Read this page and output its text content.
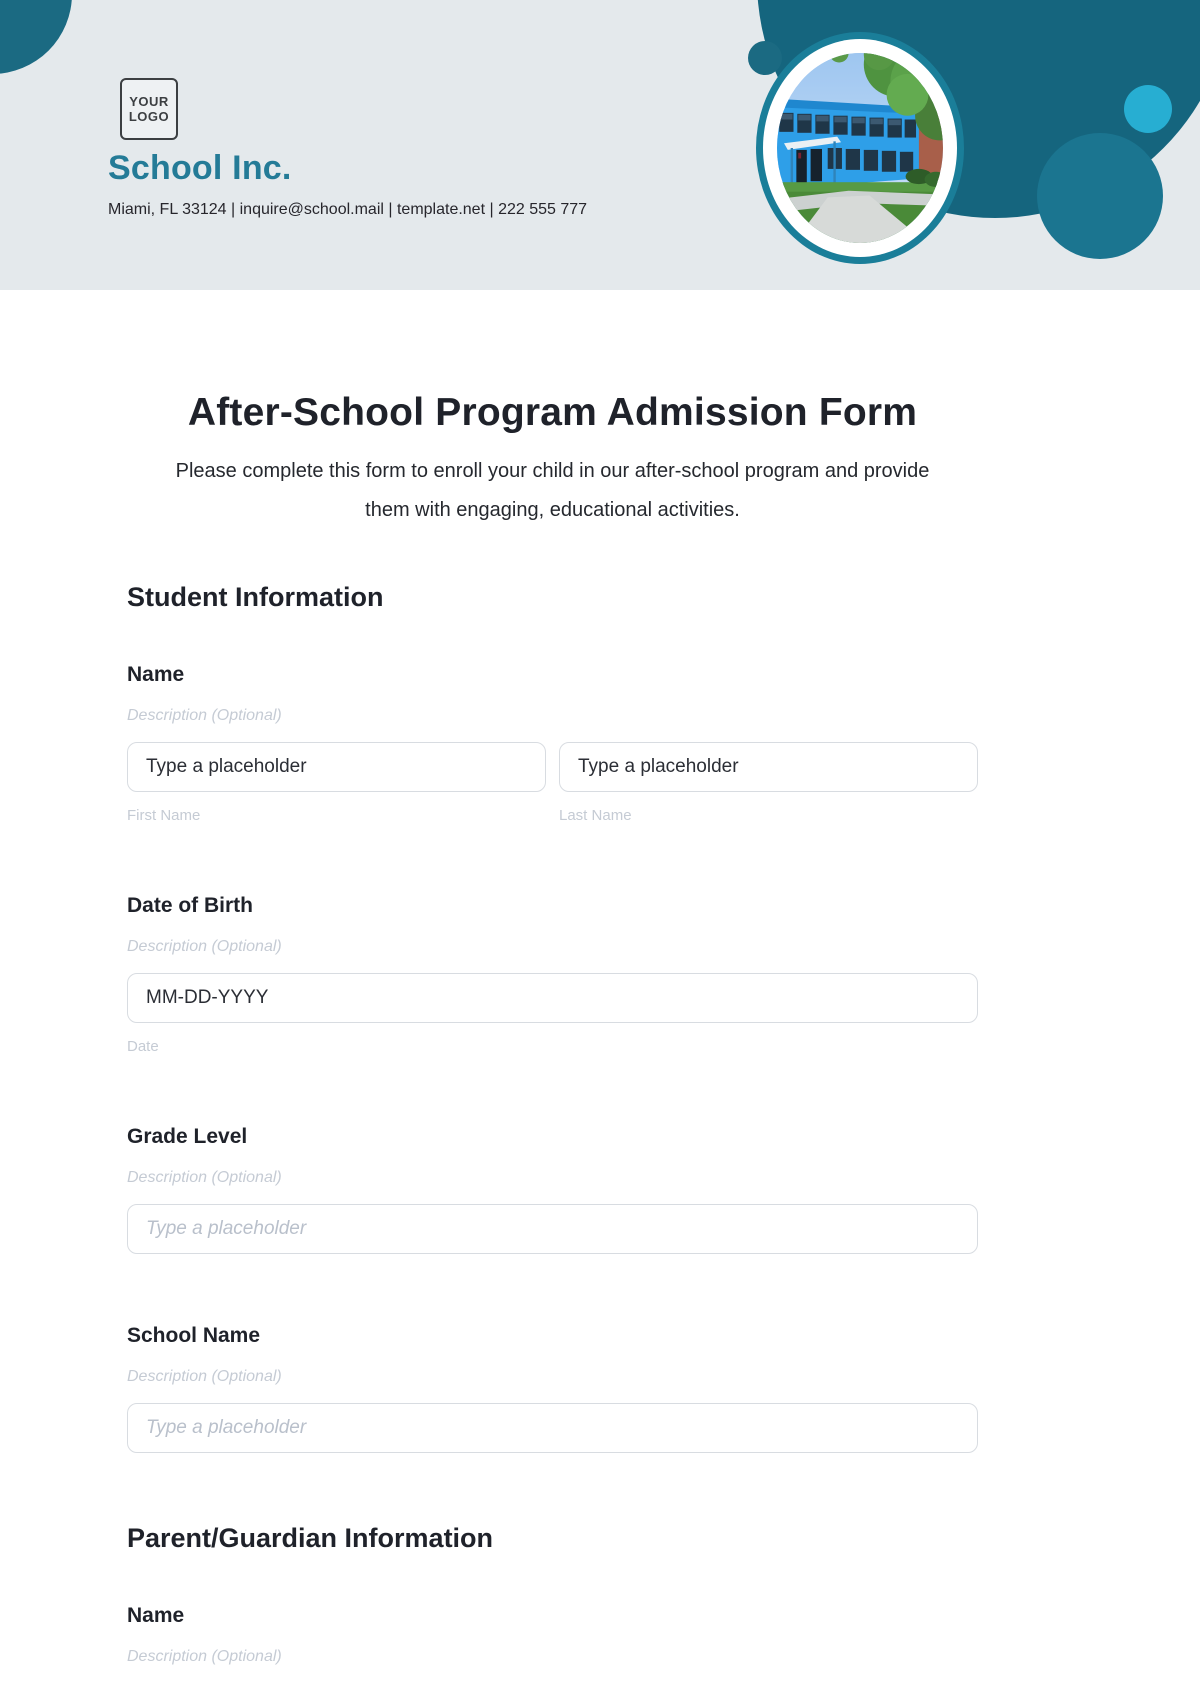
YOUR
LOGO
School Inc.
Miami, FL 33124 | inquire@school.mail | template.net | 222 555 777
After-School Program Admission Form

Please complete this form to enroll your child in our after-school program and provide
them with engaging, educational activities.

Student Information
Name
Description (Optional)
Type a placeholder
First Name
Type a placeholder	Last Name
Date of Birth
Description (Optional)
MM-DD-YYYY
Date
Grade Level
Description (Optional)
Type a placeholder
School Name
Description (Optional)
Type a placeholder
Parent/Guardian Information
Name
Description (Optional)
